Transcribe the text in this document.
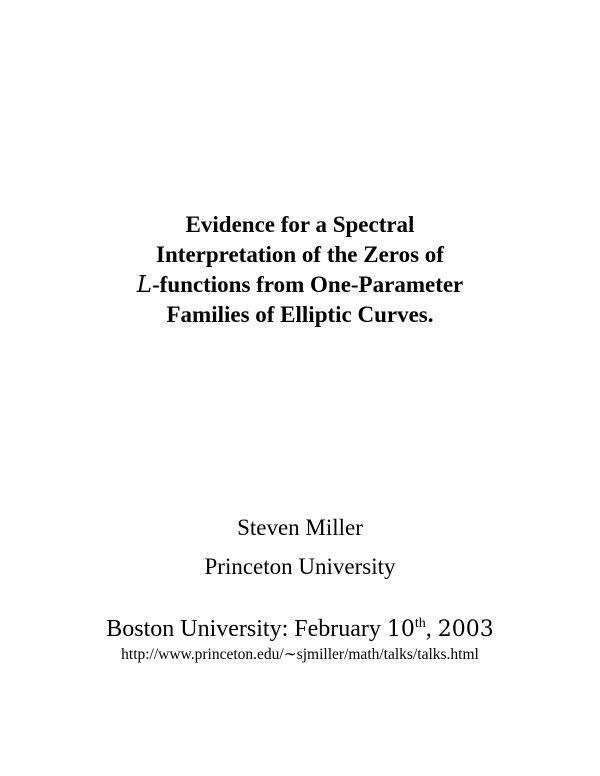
Evidence for a Spectral
Interpretation of the Zeros of
L-functions from One-Parameter
Families of Elliptic Curves.
Steven Miller
Princeton University
Boston University: February 10th, 2003
http://www.princeton.edu/∼sjmiller/math/talks/talks.html
